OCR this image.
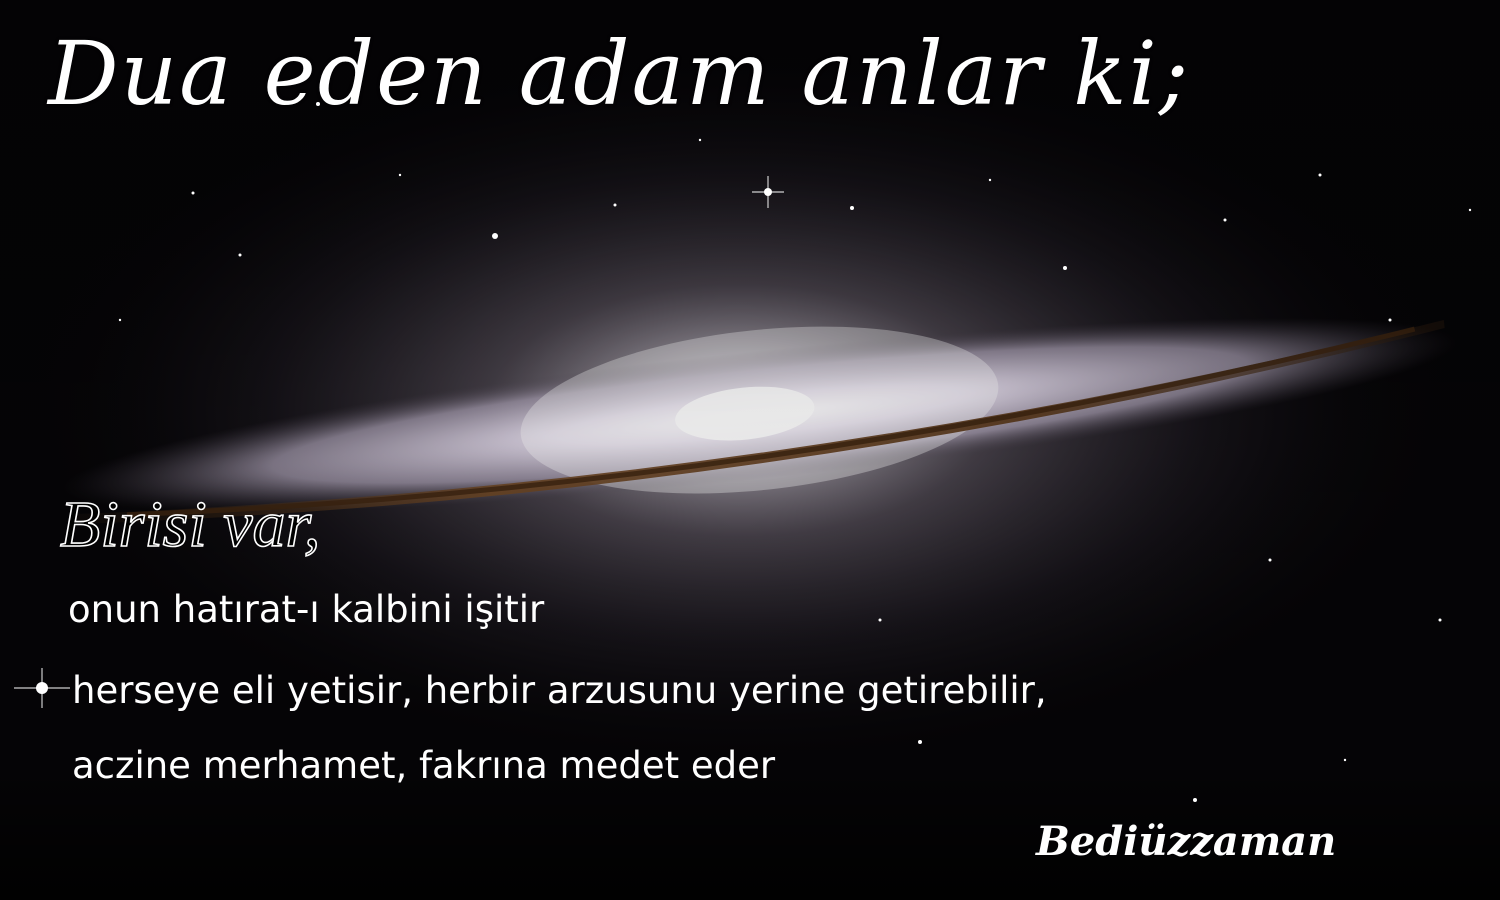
Dua eden adam anlar ki;
Birisi var,

onun hatırat-ı kalbini işitir

herseye eli yetisir, herbir arzusunu yerine getirebilir,

aczine merhamet, fakrına medet eder

Bediüzzaman
